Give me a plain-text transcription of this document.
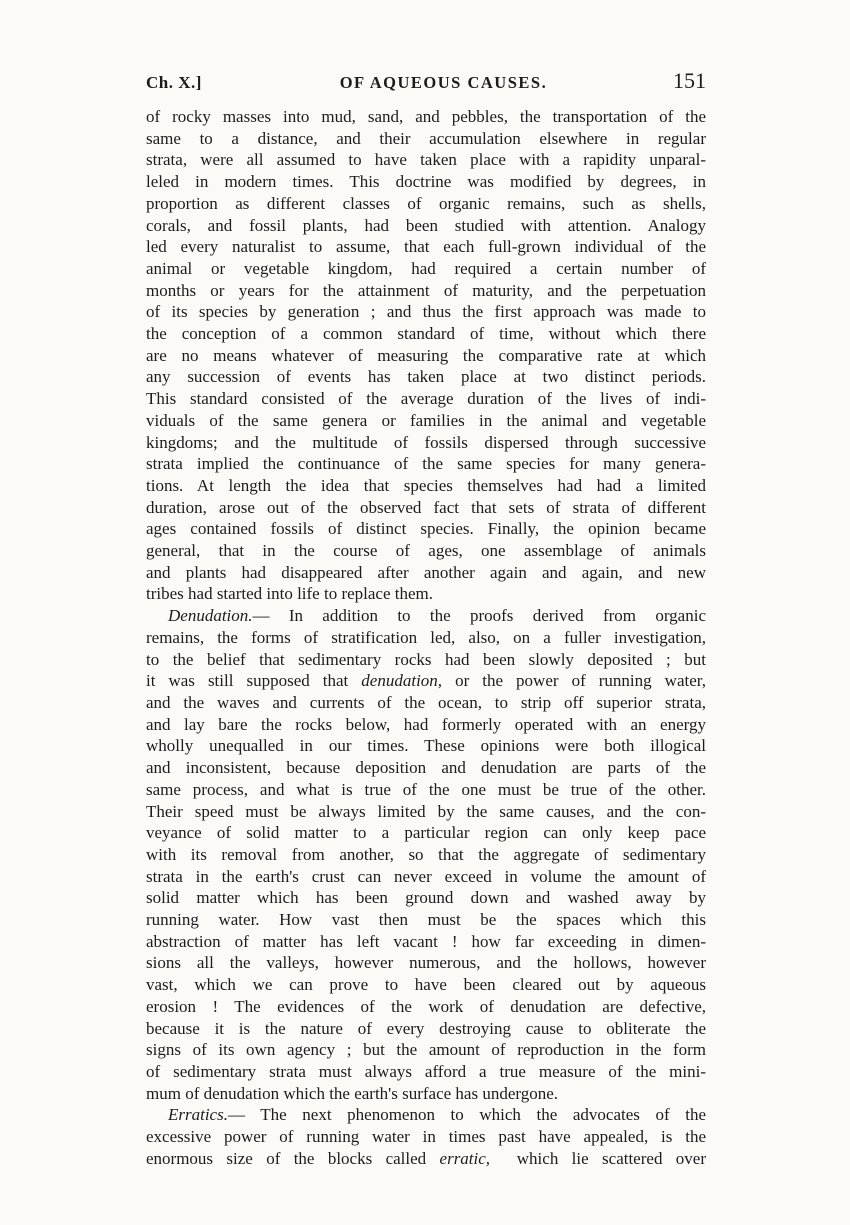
Ch. X.]	OF AQUEOUS CAUSES.	151
of rocky masses into mud, sand, and pebbles, the transportation of the
same to a distance, and their accumulation elsewhere in regular
strata, were all assumed to have taken place with a rapidity unparal-
leled in modern times. This doctrine was modified by degrees, in
proportion as different classes of organic remains, such as shells,
corals, and fossil plants, had been studied with attention. Analogy
led every naturalist to assume, that each full-grown individual of the
animal or vegetable kingdom, had required a certain number of
months or years for the attainment of maturity, and the perpetuation
of its species by generation ; and thus the first approach was made to
the conception of a common standard of time, without which there
are no means whatever of measuring the comparative rate at which
any succession of events has taken place at two distinct periods.
This standard consisted of the average duration of the lives of indi-
viduals of the same genera or families in the animal and vegetable
kingdoms; and the multitude of fossils dispersed through successive
strata implied the continuance of the same species for many genera-
tions. At length the idea that species themselves had had a limited
duration, arose out of the observed fact that sets of strata of different
ages contained fossils of distinct species. Finally, the opinion became
general, that in the course of ages, one assemblage of animals
and plants had disappeared after another again and again, and new
tribes had started into life to replace them.
Denudation.— In addition to the proofs derived from organic
remains, the forms of stratification led, also, on a fuller investigation,
to the belief that sedimentary rocks had been slowly deposited ; but
it was still supposed that denudation, or the power of running water,
and the waves and currents of the ocean, to strip off superior strata,
and lay bare the rocks below, had formerly operated with an energy
wholly unequalled in our times. These opinions were both illogical
and inconsistent, because deposition and denudation are parts of the
same process, and what is true of the one must be true of the other.
Their speed must be always limited by the same causes, and the con-
veyance of solid matter to a particular region can only keep pace
with its removal from another, so that the aggregate of sedimentary
strata in the earth's crust can never exceed in volume the amount of
solid matter which has been ground down and washed away by
running water. How vast then must be the spaces which this
abstraction of matter has left vacant ! how far exceeding in dimen-
sions all the valleys, however numerous, and the hollows, however
vast, which we can prove to have been cleared out by aqueous
erosion ! The evidences of the work of denudation are defective,
because it is the nature of every destroying cause to obliterate the
signs of its own agency ; but the amount of reproduction in the form
of sedimentary strata must always afford a true measure of the mini-
mum of denudation which the earth's surface has undergone.
Erratics.— The next phenomenon to which the advocates of the
excessive power of running water in times past have appealed, is the
enormous size of the blocks called erratic, which lie scattered over
